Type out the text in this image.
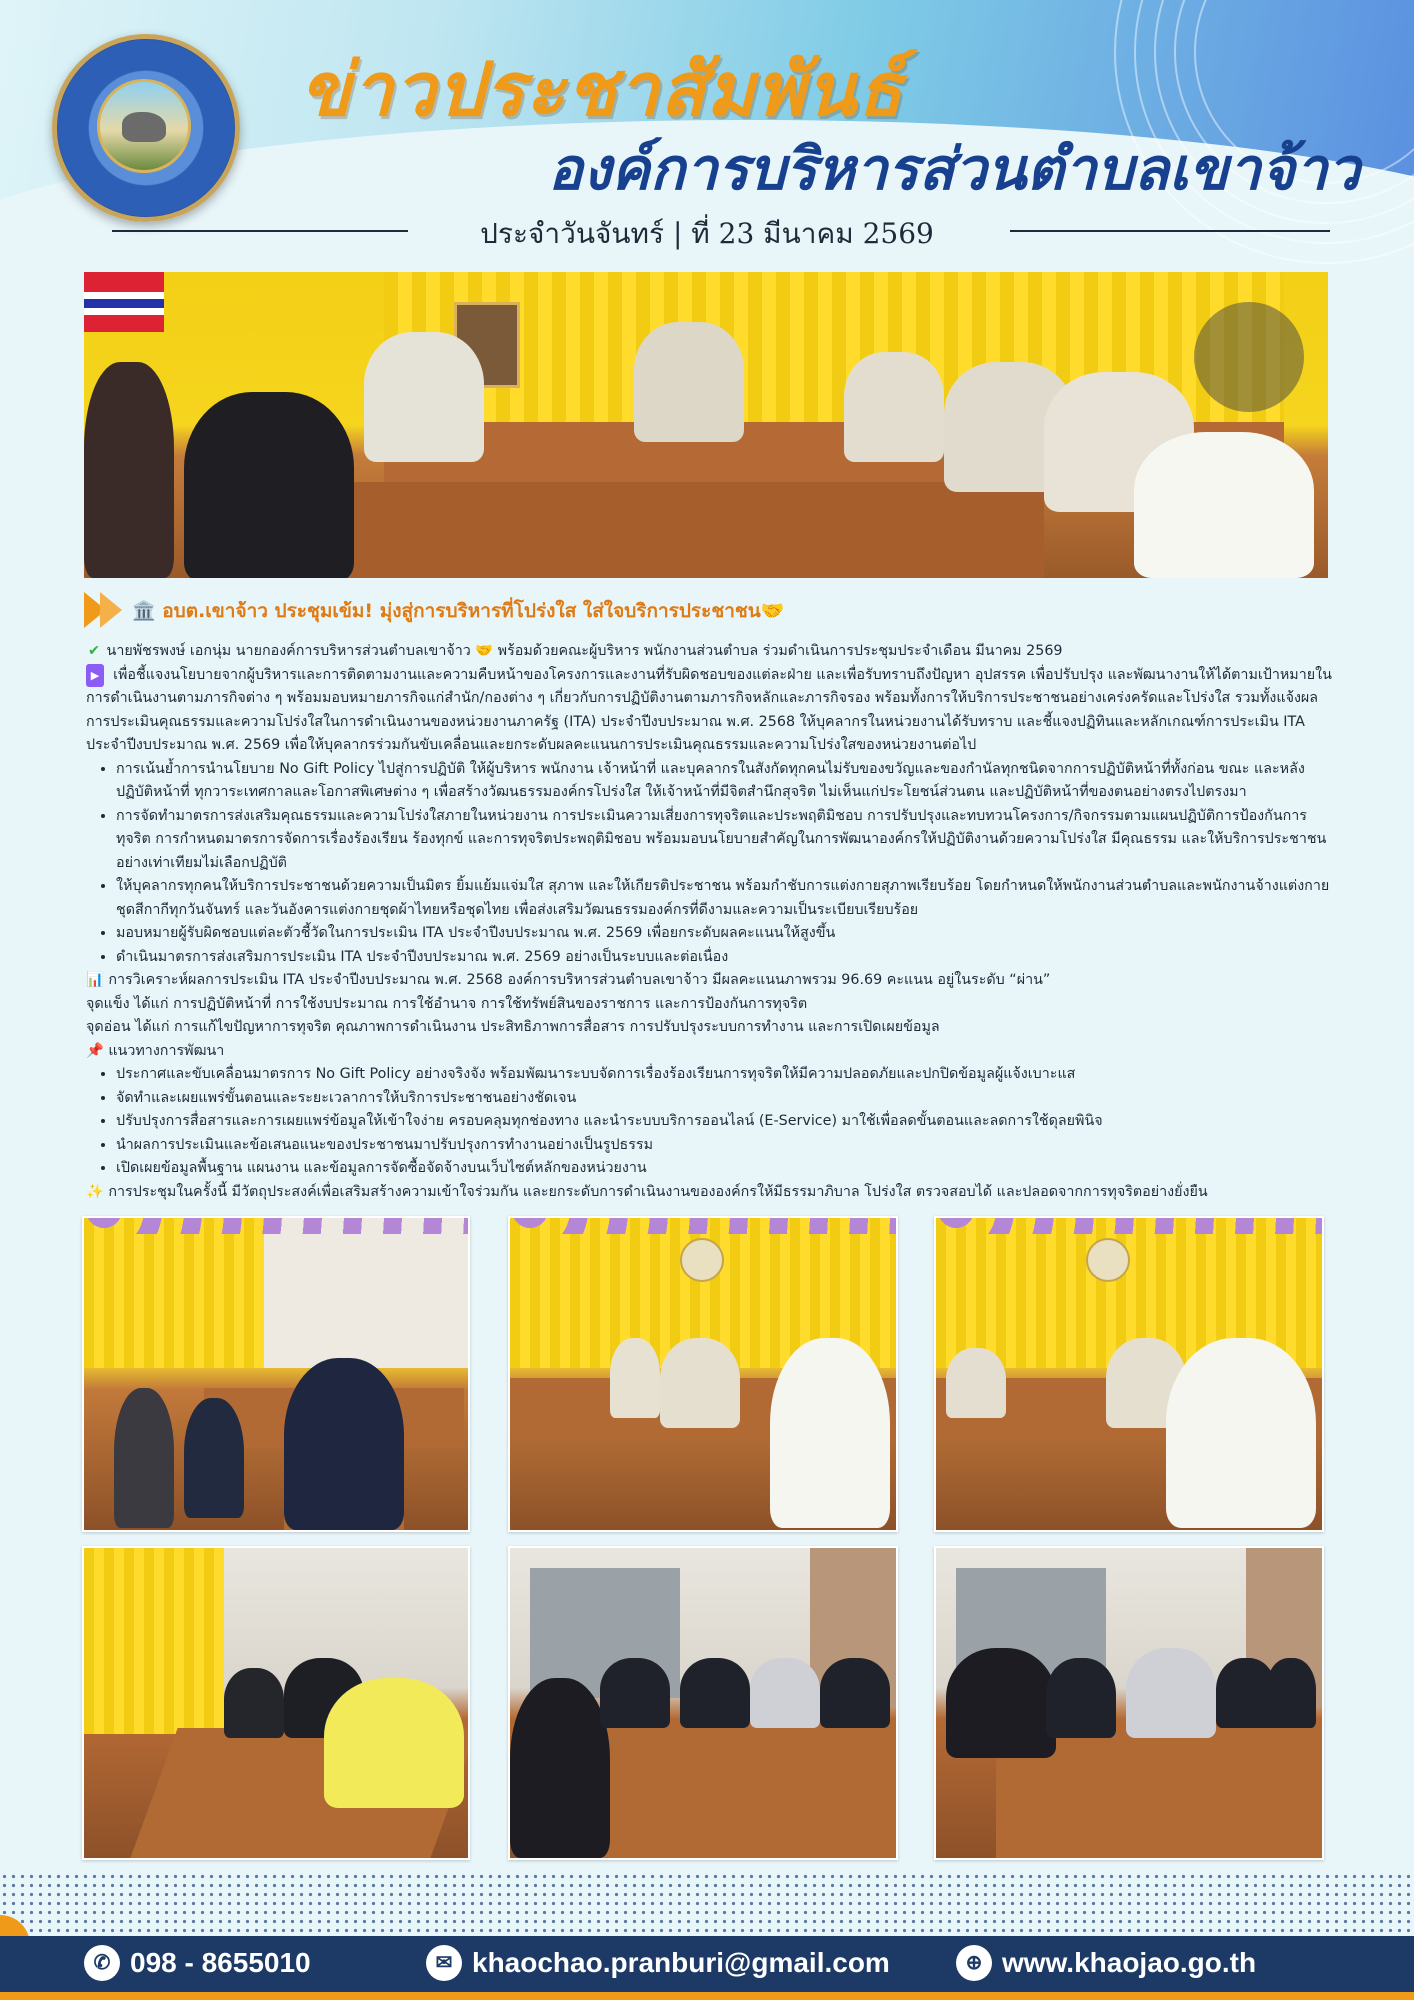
ข่าวประชาสัมพันธ์
องค์การบริหารส่วนตำบลเขาจ้าว
ประจำวันจันทร์ | ที่ 23 มีนาคม 2569
🏛️ อบต.เขาจ้าว ประชุมเข้ม! มุ่งสู่การบริหารที่โปร่งใส ใส่ใจบริการประชาชน🤝

✔ นายพัชรพงษ์ เอกนุ่ม นายกองค์การบริหารส่วนตำบลเขาจ้าว 🤝 พร้อมด้วยคณะผู้บริหาร พนักงานส่วนตำบล ร่วมดำเนินการประชุมประจำเดือน มีนาคม 2569

▶ เพื่อชี้แจงนโยบายจากผู้บริหารและการติดตามงานและความคืบหน้าของโครงการและงานที่รับผิดชอบของแต่ละฝ่าย และเพื่อรับทราบถึงปัญหา อุปสรรค เพื่อปรับปรุง และพัฒนางานให้ได้ตามเป้าหมายในการดำเนินงานตามภารกิจต่าง ๆ พร้อมมอบหมายภารกิจแก่สำนัก/กองต่าง ๆ เกี่ยวกับการปฏิบัติงานตามภารกิจหลักและภารกิจรอง พร้อมทั้งการให้บริการประชาชนอย่างเคร่งครัดและโปร่งใส รวมทั้งแจ้งผลการประเมินคุณธรรมและความโปร่งใสในการดำเนินงานของหน่วยงานภาครัฐ (ITA) ประจำปีงบประมาณ พ.ศ. 2568 ให้บุคลากรในหน่วยงานได้รับทราบ และชี้แจงปฏิทินและหลักเกณฑ์การประเมิน ITA ประจำปีงบประมาณ พ.ศ. 2569 เพื่อให้บุคลากรร่วมกันขับเคลื่อนและยกระดับผลคะแนนการประเมินคุณธรรมและความโปร่งใสของหน่วยงานต่อไป

• การเน้นย้ำการนำนโยบาย No Gift Policy ไปสู่การปฏิบัติ ให้ผู้บริหาร พนักงาน เจ้าหน้าที่ และบุคลากรในสังกัดทุกคนไม่รับของขวัญและของกำนัลทุกชนิดจากการปฏิบัติหน้าที่ทั้งก่อน ขณะ และหลังปฏิบัติหน้าที่ ทุกวาระเทศกาลและโอกาสพิเศษต่าง ๆ เพื่อสร้างวัฒนธรรมองค์กรโปร่งใส ให้เจ้าหน้าที่มีจิตสำนึกสุจริต ไม่เห็นแก่ประโยชน์ส่วนตน และปฏิบัติหน้าที่ของตนอย่างตรงไปตรงมา
• การจัดทำมาตรการส่งเสริมคุณธรรมและความโปร่งใสภายในหน่วยงาน การประเมินความเสี่ยงการทุจริตและประพฤติมิชอบ การปรับปรุงและทบทวนโครงการ/กิจกรรมตามแผนปฏิบัติการป้องกันการทุจริต การกำหนดมาตรการจัดการเรื่องร้องเรียน ร้องทุกข์ และการทุจริตประพฤติมิชอบ พร้อมมอบนโยบายสำคัญในการพัฒนาองค์กรให้ปฏิบัติงานด้วยความโปร่งใส มีคุณธรรม และให้บริการประชาชนอย่างเท่าเทียมไม่เลือกปฏิบัติ
• ให้บุคลากรทุกคนให้บริการประชาชนด้วยความเป็นมิตร ยิ้มแย้มแจ่มใส สุภาพ และให้เกียรติประชาชน พร้อมกำชับการแต่งกายสุภาพเรียบร้อย โดยกำหนดให้พนักงานส่วนตำบลและพนักงานจ้างแต่งกายชุดสีกากีทุกวันจันทร์ และวันอังคารแต่งกายชุดผ้าไทยหรือชุดไทย เพื่อส่งเสริมวัฒนธรรมองค์กรที่ดีงามและความเป็นระเบียบเรียบร้อย
• มอบหมายผู้รับผิดชอบแต่ละตัวชี้วัดในการประเมิน ITA ประจำปีงบประมาณ พ.ศ. 2569 เพื่อยกระดับผลคะแนนให้สูงขึ้น
• ดำเนินมาตรการส่งเสริมการประเมิน ITA ประจำปีงบประมาณ พ.ศ. 2569 อย่างเป็นระบบและต่อเนื่อง

📊 การวิเคราะห์ผลการประเมิน ITA ประจำปีงบประมาณ พ.ศ. 2568 องค์การบริหารส่วนตำบลเขาจ้าว มีผลคะแนนภาพรวม 96.69 คะแนน อยู่ในระดับ “ผ่าน”

จุดแข็ง ได้แก่ การปฏิบัติหน้าที่ การใช้งบประมาณ การใช้อำนาจ การใช้ทรัพย์สินของราชการ และการป้องกันการทุจริต

จุดอ่อน ได้แก่ การแก้ไขปัญหาการทุจริต คุณภาพการดำเนินงาน ประสิทธิภาพการสื่อสาร การปรับปรุงระบบการทำงาน และการเปิดเผยข้อมูล

📌 แนวทางการพัฒนา

• ประกาศและขับเคลื่อนมาตรการ No Gift Policy อย่างจริงจัง พร้อมพัฒนาระบบจัดการเรื่องร้องเรียนการทุจริตให้มีความปลอดภัยและปกปิดข้อมูลผู้แจ้งเบาะแส
• จัดทำและเผยแพร่ขั้นตอนและระยะเวลาการให้บริการประชาชนอย่างชัดเจน
• ปรับปรุงการสื่อสารและการเผยแพร่ข้อมูลให้เข้าใจง่าย ครอบคลุมทุกช่องทาง และนำระบบบริการออนไลน์ (E-Service) มาใช้เพื่อลดขั้นตอนและลดการใช้ดุลยพินิจ
• นำผลการประเมินและข้อเสนอแนะของประชาชนมาปรับปรุงการทำงานอย่างเป็นรูปธรรม
• เปิดเผยข้อมูลพื้นฐาน แผนงาน และข้อมูลการจัดซื้อจัดจ้างบนเว็บไซต์หลักของหน่วยงาน

✨ การประชุมในครั้งนี้ มีวัตถุประสงค์เพื่อเสริมสร้างความเข้าใจร่วมกัน และยกระดับการดำเนินงานขององค์กรให้มีธรรมาภิบาล โปร่งใส ตรวจสอบได้ และปลอดจากการทุจริตอย่างยั่งยืน

✆ 098 - 8655010	✉ khaochao.pranburi@gmail.com	⊕ www.khaojao.go.th
